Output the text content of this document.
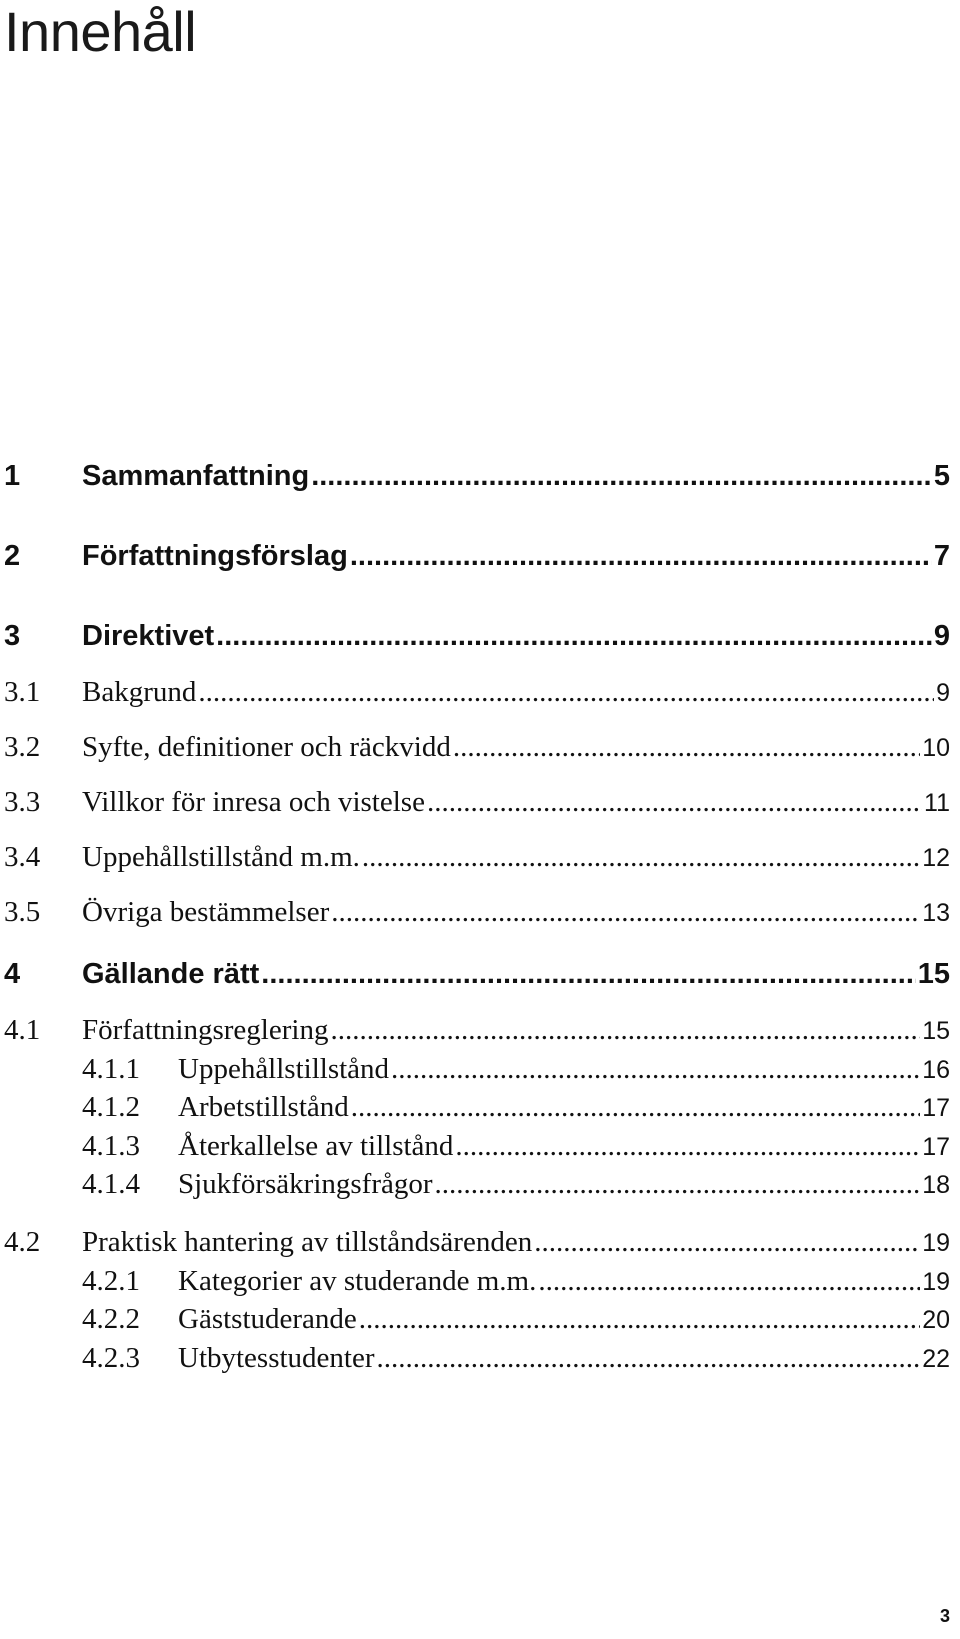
Innehåll
1	Sammanfattning .....	5
2	Författningsförslag .....	7
3	Direktivet .....	9
3.1	Bakgrund .....	9
3.2	Syfte, definitioner och räckvidd .....	10
3.3	Villkor för inresa och vistelse .....	11
3.4	Uppehållstillstånd m.m. .....	12
3.5	Övriga bestämmelser .....	13
4	Gällande rätt .....	15
4.1	Författningsreglering .....	15
4.1.1	Uppehållstillstånd .....	16
4.1.2	Arbetstillstånd .....	17
4.1.3	Återkallelse av tillstånd .....	17
4.1.4	Sjukförsäkringsfrågor .....	18
4.2	Praktisk hantering av tillståndsärenden .....	19
4.2.1	Kategorier av studerande m.m. .....	19
4.2.2	Gäststuderande .....	20
4.2.3	Utbytesstudenter .....	22
3
